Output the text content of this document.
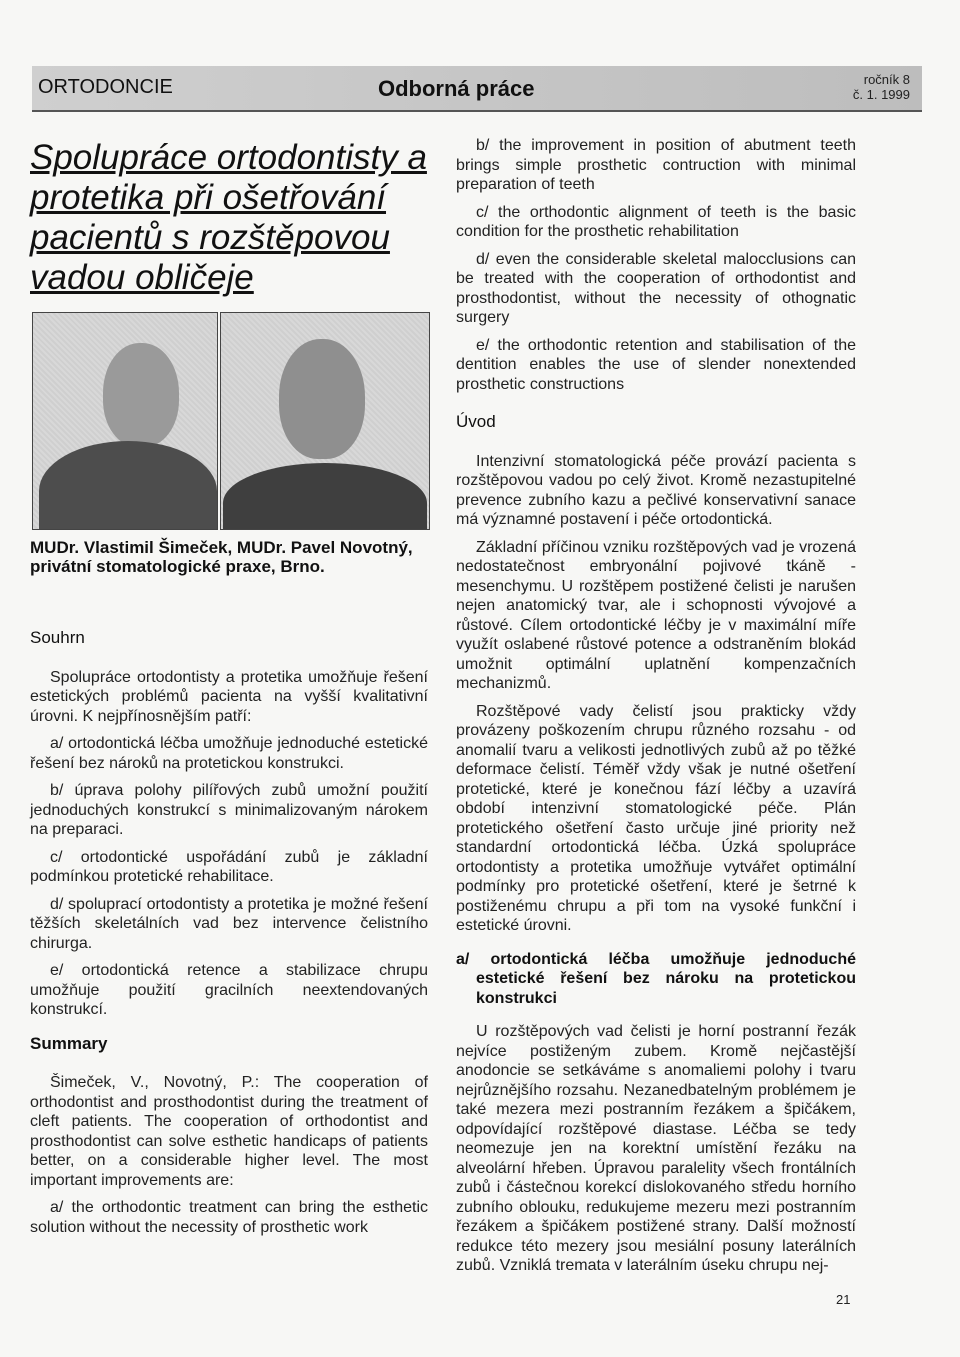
ORTODONCIE	Odborná práce	ročník 8
č. 1. 1999
Spolupráce ortodontisty a protetika při ošetřování pacientů s rozštěpovou vadou obličeje
MUDr. Vlastimil Šimeček, MUDr. Pavel Novotný, privátní stomatologické praxe, Brno.
Souhrn

Spolupráce ortodontisty a protetika umožňuje řešení estetických problémů pacienta na vyšší kvalitativní úrovni. K nejpřínosnějším patří:

a/ ortodontická léčba umožňuje jednoduché estetické řešení bez nároků na protetickou konstrukci.

b/ úprava polohy pilířových zubů umožní použití jednoduchých konstrukcí s minimalizovaným nárokem na preparaci.

c/ ortodontické uspořádání zubů je základní podmínkou protetické rehabilitace.

d/ spoluprací ortodontisty a protetika je možné řešení těžších skeletálních vad bez intervence čelistního chirurga.

e/ ortodontická retence a stabilizace chrupu umožňuje použití gracilních neextendovaných konstrukcí.

Summary

Šimeček, V., Novotný, P.: The cooperation of orthodontist and prosthodontist during the treatment of cleft patients. The cooperation of orthodontist and prosthodontist can solve esthetic handicaps of patients better, on a considerable higher level. The most important improvements are:

a/ the orthodontic treatment can bring the esthetic solution without the necessity of prosthetic work

b/ the improvement in position of abutment teeth brings simple prosthetic contruction with minimal preparation of teeth

c/ the orthodontic alignment of teeth is the basic condition for the prosthetic rehabilitation

d/ even the considerable skeletal malocclusions can be treated with the cooperation of orthodontist and prosthodontist, without the necessity of othognatic surgery

e/ the orthodontic retention and stabilisation of the dentition enables the use of slender nonextended prosthetic constructions

Úvod

Intenzivní stomatologická péče provází pacienta s rozštěpovou vadou po celý život. Kromě nezastupitelné prevence zubního kazu a pečlivé konservativní sanace má významné postavení i péče ortodontická.

Základní příčinou vzniku rozštěpových vad je vrozená nedostatečnost embryonální pojivové tkáně - mesenchymu. U rozštěpem postižené čelisti je narušen nejen anatomický tvar, ale i schopnosti vývojové a růstové. Cílem ortodontické léčby je v maximální míře využít oslabené růstové potence a odstraněním blokád umožnit optimální uplatnění kompenzačních mechanizmů.

Rozštěpové vady čelistí jsou prakticky vždy provázeny poškozením chrupu různého rozsahu - od anomalií tvaru a velikosti jednotlivých zubů až po těžké deformace čelistí. Téměř vždy však je nutné ošetření protetické, které je konečnou fází léčby a uzavírá období intenzivní stomatologické péče. Plán protetického ošetření často určuje jiné priority než standardní ortodontická léčba. Úzká spolupráce ortodontisty a protetika umožňuje vytvářet optimální podmínky pro protetické ošetření, které je šetrné k postiženému chrupu a při tom na vysoké funkční i estetické úrovni.

a/ ortodontická léčba umožňuje jednoduché estetické řešení bez nároku na protetickou konstrukci

U rozštěpových vad čelisti je horní postranní řezák nejvíce postiženým zubem. Kromě nejčastější anodoncie se setkáváme s anomaliemi polohy i tvaru nejrůznějšího rozsahu. Nezanedbatelným problémem je také mezera mezi postranním řezákem a špičákem, odpovídající rozštěpové diastase. Léčba se tedy neomezuje jen na korektní umístění řezáku na alveolární hřeben. Úpravou paralelity všech frontálních zubů i částečnou korekcí dislokovaného středu horního zubního oblouku, redukujeme mezeru mezi postranním řezákem a špičákem postižené strany. Další možností redukce této mezery jsou mesiální posuny laterálních zubů. Vzniklá tremata v laterálním úseku chrupu nej-

21
